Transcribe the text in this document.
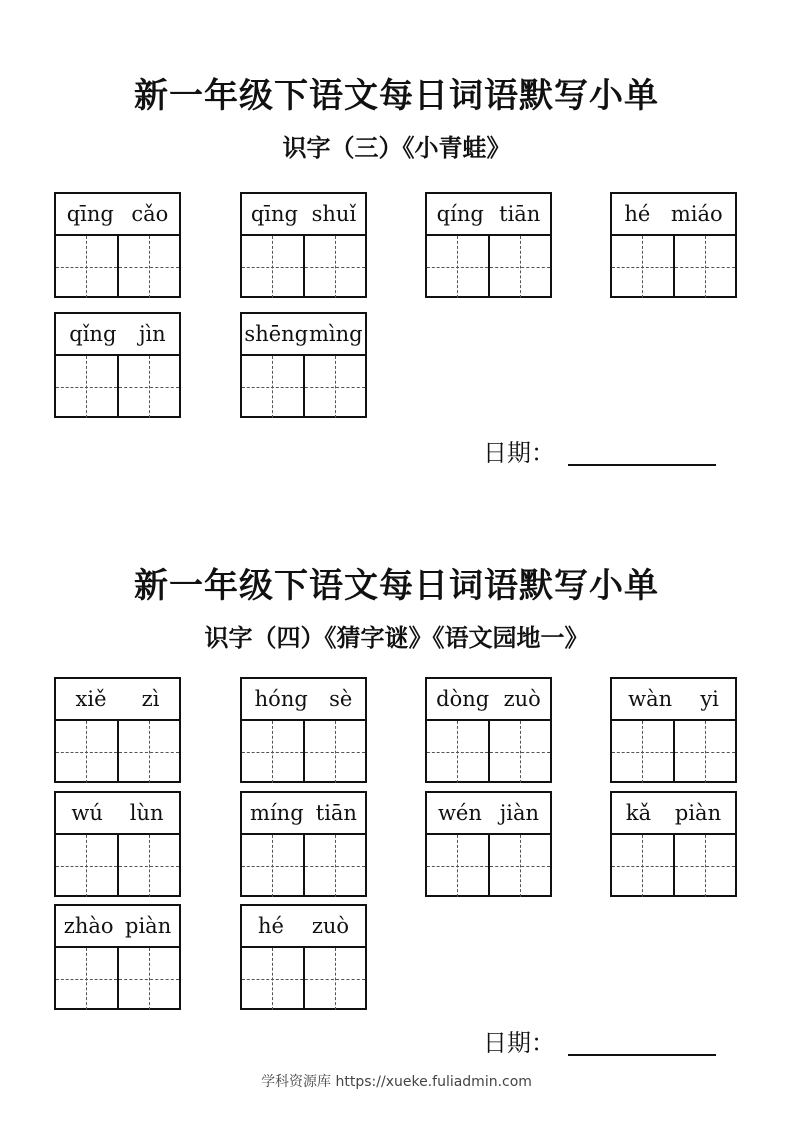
新一年级下语文每日词语默写小单
识字（三）《小青蛙》
qīng cǎo	qīng shuǐ	qíng tiān	hé miáo
qǐng jìn	shēng mìng
日期：
新一年级下语文每日词语默写小单
识字（四）《猜字谜》《语文园地一》
xiě zì	hóng sè	dòng zuò	wàn yi
wú lùn	míng tiān	wén jiàn	kǎ piàn
zhào piàn	hé zuò
日期：
学科资源库 https://xueke.fuliadmin.com
